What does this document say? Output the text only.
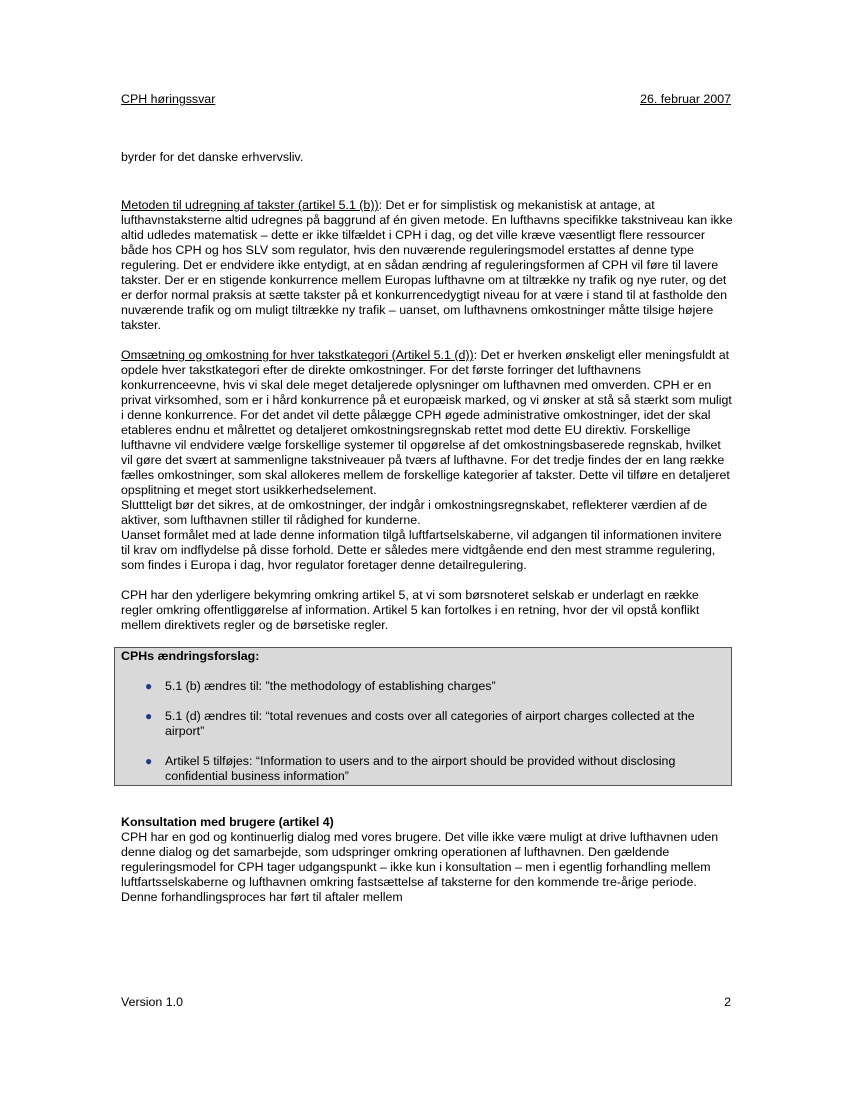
CPH høringssvar	26. februar 2007

byrder for det danske erhvervsliv.

Metoden til udregning af takster (artikel 5.1 (b)): Det er for simplistisk og mekanistisk at antage, at lufthavnstaksterne altid udregnes på baggrund af én given metode. En lufthavns specifikke takstniveau kan ikke altid udledes matematisk – dette er ikke tilfældet i CPH i dag, og det ville kræve væsentligt flere ressourcer både hos CPH og hos SLV som regulator, hvis den nuværende reguleringsmodel erstattes af denne type regulering. Det er endvidere ikke entydigt, at en sådan ændring af reguleringsformen af CPH vil føre til lavere takster. Der er en stigende konkurrence mellem Europas lufthavne om at tiltrække ny trafik og nye ruter, og det er derfor normal praksis at sætte takster på et konkurrencedygtigt niveau for at være i stand til at fastholde den nuværende trafik og om muligt tiltrække ny trafik – uanset, om lufthavnens omkostninger måtte tilsige højere takster.

Omsætning og omkostning for hver takstkategori (Artikel 5.1 (d)): Det er hverken ønskeligt eller meningsfuldt at opdele hver takstkategori efter de direkte omkostninger. For det første forringer det lufthavnens konkurrenceevne, hvis vi skal dele meget detaljerede oplysninger om lufthavnen med omverden. CPH er en privat virksomhed, som er i hård konkurrence på et europæisk marked, og vi ønsker at stå så stærkt som muligt i denne konkurrence. For det andet vil dette pålægge CPH øgede administrative omkostninger, idet der skal etableres endnu et målrettet og detaljeret omkostningsregnskab rettet mod dette EU direktiv. Forskellige lufthavne vil endvidere vælge forskellige systemer til opgørelse af det omkostningsbaserede regnskab, hvilket vil gøre det svært at sammenligne takstniveauer på tværs af lufthavne. For det tredje findes der en lang række fælles omkostninger, som skal allokeres mellem de forskellige kategorier af takster. Dette vil tilføre en detaljeret opsplitning et meget stort usikkerhedselement.

Sluttteligt bør det sikres, at de omkostninger, der indgår i omkostningsregnskabet, reflekterer værdien af de aktiver, som lufthavnen stiller til rådighed for kunderne.

Uanset formålet med at lade denne information tilgå luftfartselskaberne, vil adgangen til informationen invitere til krav om indflydelse på disse forhold. Dette er således mere vidtgående end den mest stramme regulering, som findes i Europa i dag, hvor regulator foretager denne detailregulering.

CPH har den yderligere bekymring omkring artikel 5, at vi som børsnoteret selskab er underlagt en række regler omkring offentliggørelse af information. Artikel 5 kan fortolkes i en retning, hvor der vil opstå konflikt mellem direktivets regler og de børsetiske regler.

CPHs ændringsforslag:
● 5.1 (b) ændres til: ”the methodology of establishing charges”
● 5.1 (d) ændres til: “total revenues and costs over all categories of airport charges collected at the airport”
● Artikel 5 tilføjes: “Information to users and to the airport should be provided without disclosing confidential business information”

Konsultation med brugere (artikel 4)

CPH har en god og kontinuerlig dialog med vores brugere. Det ville ikke være muligt at drive lufthavnen uden denne dialog og det samarbejde, som udspringer omkring operationen af lufthavnen. Den gældende reguleringsmodel for CPH tager udgangspunkt – ikke kun i konsultation – men i egentlig forhandling mellem luftfartsselskaberne og lufthavnen omkring fastsættelse af taksterne for den kommende tre-årige periode. Denne forhandlingsproces har ført til aftaler mellem

Version 1.0	2
